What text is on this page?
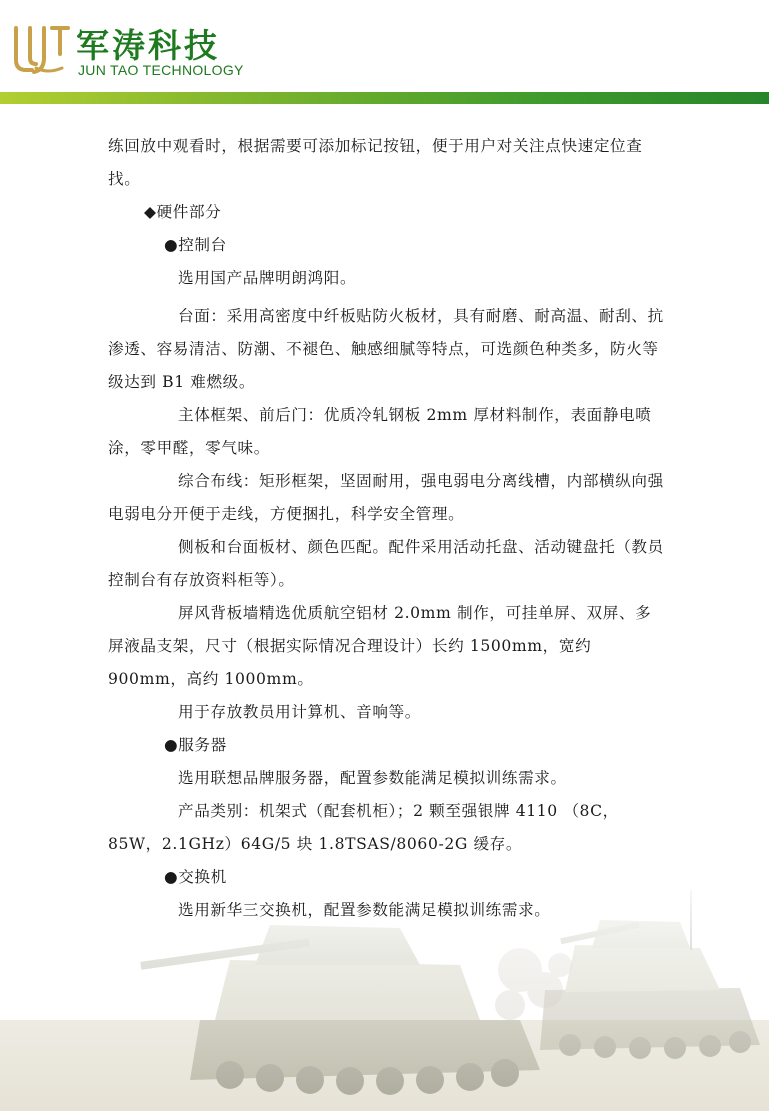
军涛科技
JUN TAO TECHNOLOGY

练回放中观看时，根据需要可添加标记按钮，便于用户对关注点快速定位查找。

◆硬件部分

●控制台

选用国产品牌明朗鸿阳。

台面：采用高密度中纤板贴防火板材，具有耐磨、耐高温、耐刮、抗渗透、容易清洁、防潮、不褪色、触感细腻等特点，可选颜色种类多，防火等级达到 B1 难燃级。

主体框架、前后门：优质冷轧钢板 2mm 厚材料制作，表面静电喷涂，零甲醛，零气味。

综合布线：矩形框架，坚固耐用，强电弱电分离线槽，内部横纵向强电弱电分开便于走线，方便捆扎，科学安全管理。

侧板和台面板材、颜色匹配。配件采用活动托盘、活动键盘托（教员控制台有存放资料柜等）。

屏风背板墙精选优质航空铝材 2.0mm 制作，可挂单屏、双屏、多屏液晶支架，尺寸（根据实际情况合理设计）长约 1500mm，宽约 900mm，高约 1000mm。

用于存放教员用计算机、音响等。

●服务器

选用联想品牌服务器，配置参数能满足模拟训练需求。

产品类别：机架式（配套机柜）；2 颗至强银牌 4110 （8C，85W，2.1GHz）64G/5 块 1.8TSAS/8060-2G 缓存。

●交换机

选用新华三交换机，配置参数能满足模拟训练需求。
